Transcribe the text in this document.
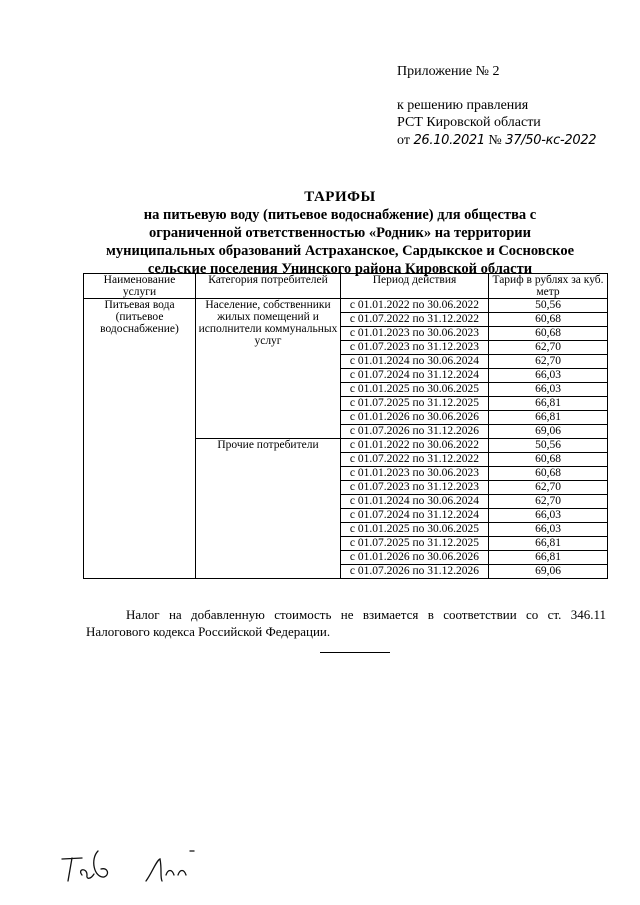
Приложение № 2
к решению правления
РСТ Кировской области
от 26.10.2021 № 37/50-кс-2022
ТАРИФЫ
на питьевую воду (питьевое водоснабжение) для общества с
ограниченной ответственностью «Родник» на территории
муниципальных образований Астраханское, Сардыкское и Сосновское
сельские поселения Унинского района Кировской области
Наименование услуги	Категория потребителей	Период действия	Тариф в рублях за куб. метр
Питьевая вода (питьевое водоснабжение)	Население, собственники жилых помещений и исполнители коммунальных услуг	с 01.01.2022 по 30.06.2022	50,56
		с 01.07.2022 по 31.12.2022	60,68
		с 01.01.2023 по 30.06.2023	60,68
		с 01.07.2023 по 31.12.2023	62,70
		с 01.01.2024 по 30.06.2024	62,70
		с 01.07.2024 по 31.12.2024	66,03
		с 01.01.2025 по 30.06.2025	66,03
		с 01.07.2025 по 31.12.2025	66,81
		с 01.01.2026 по 30.06.2026	66,81
		с 01.07.2026 по 31.12.2026	69,06
	Прочие потребители	с 01.01.2022 по 30.06.2022	50,56
		с 01.07.2022 по 31.12.2022	60,68
		с 01.01.2023 по 30.06.2023	60,68
		с 01.07.2023 по 31.12.2023	62,70
		с 01.01.2024 по 30.06.2024	62,70
		с 01.07.2024 по 31.12.2024	66,03
		с 01.01.2025 по 30.06.2025	66,03
		с 01.07.2025 по 31.12.2025	66,81
		с 01.01.2026 по 30.06.2026	66,81
		с 01.07.2026 по 31.12.2026	69,06
Налог на добавленную стоимость не взимается в соответствии со ст. 346.11
Налогового кодекса Российской Федерации.
